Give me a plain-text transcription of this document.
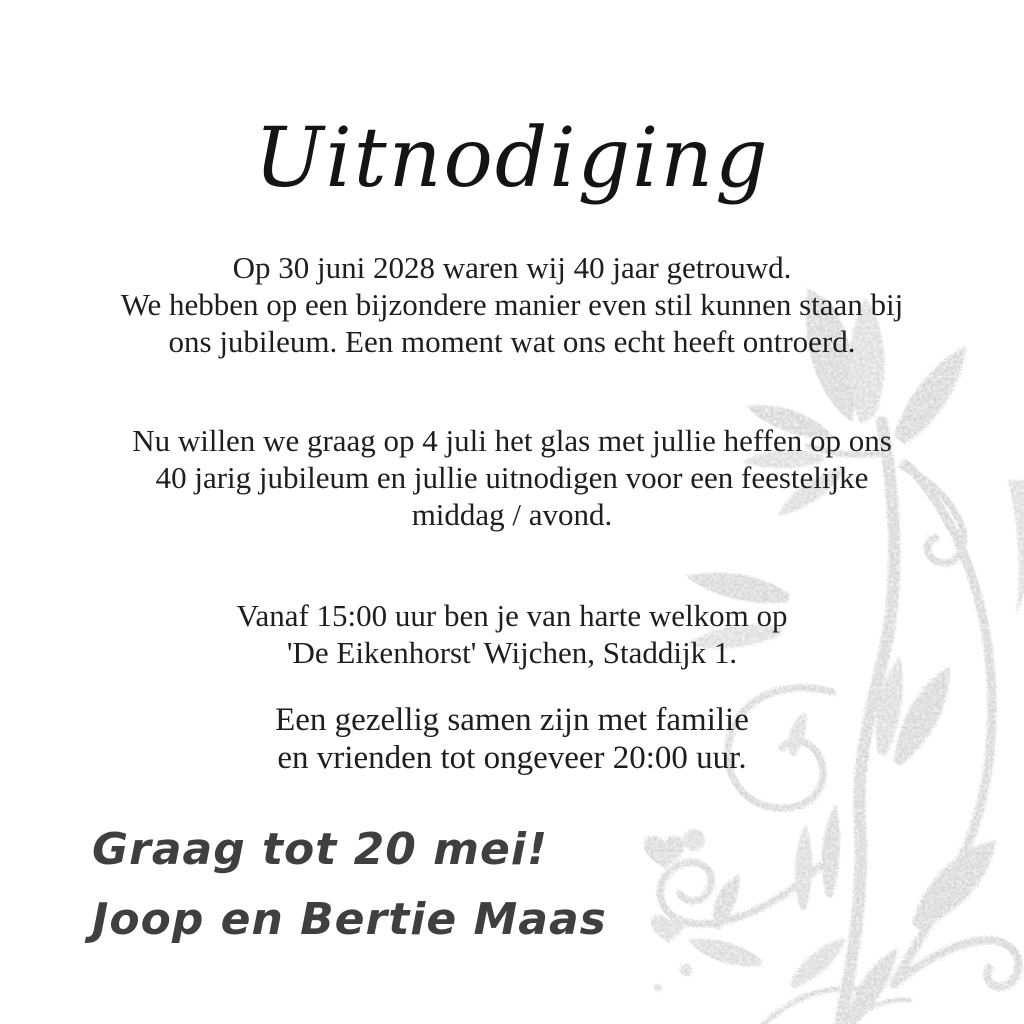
Uitnodiging
Op 30 juni 2028 waren wij 40 jaar getrouwd.
We hebben op een bijzondere manier even stil kunnen staan bij
ons jubileum. Een moment wat ons echt heeft ontroerd.
Nu willen we graag op 4 juli het glas met jullie heffen op ons
40 jarig jubileum en jullie uitnodigen voor een feestelijke
middag / avond.
Vanaf 15:00 uur ben je van harte welkom op
'De Eikenhorst' Wijchen, Staddijk 1.
Een gezellig samen zijn met familie
en vrienden tot ongeveer 20:00 uur.
Graag tot 20 mei!
Joop en Bertie Maas
